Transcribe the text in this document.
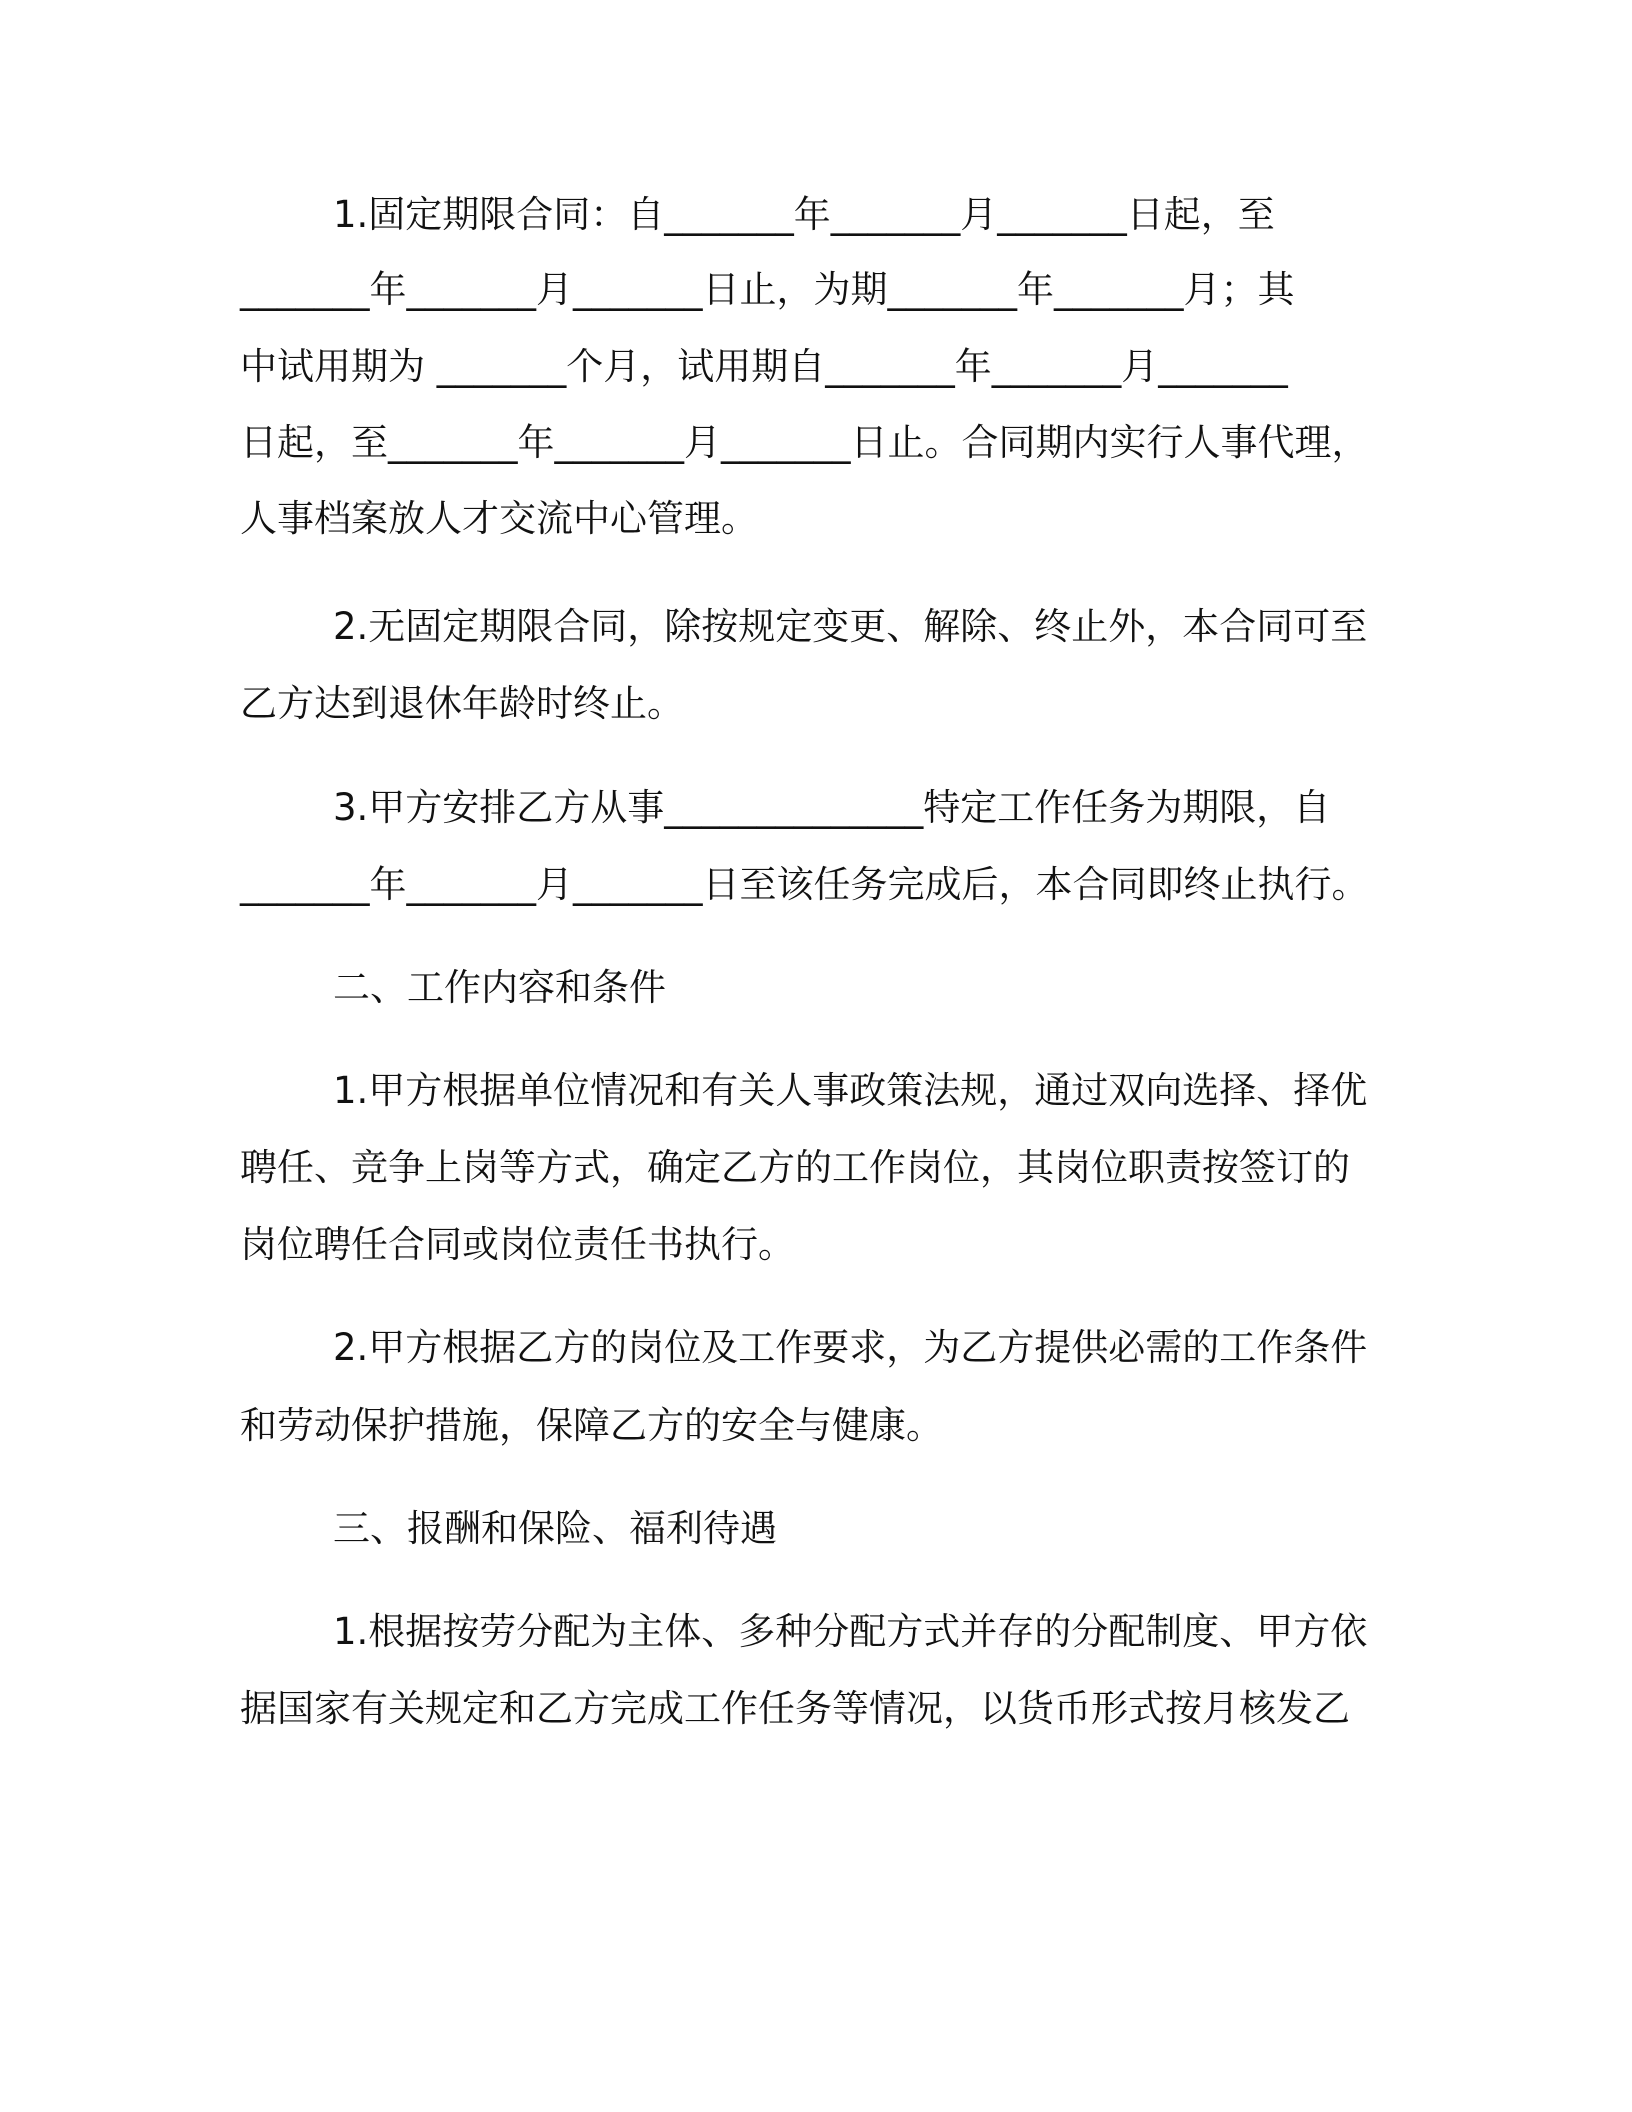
1.固定期限合同：自_______年_______月_______日起，至
_______年_______月_______日止，为期_______年_______月；其
中试用期为 _______个月，试用期自_______年_______月_______
日起，至_______年_______月_______日止。合同期内实行人事代理，
人事档案放人才交流中心管理。
2.无固定期限合同，除按规定变更、解除、终止外，本合同可至
乙方达到退休年龄时终止。
3.甲方安排乙方从事______________特定工作任务为期限，自
_______年_______月_______日至该任务完成后，本合同即终止执行。
二、工作内容和条件
1.甲方根据单位情况和有关人事政策法规，通过双向选择、择优
聘任、竞争上岗等方式，确定乙方的工作岗位，其岗位职责按签订的
岗位聘任合同或岗位责任书执行。
2.甲方根据乙方的岗位及工作要求，为乙方提供必需的工作条件
和劳动保护措施，保障乙方的安全与健康。
三、报酬和保险、福利待遇
1.根据按劳分配为主体、多种分配方式并存的分配制度、甲方依
据国家有关规定和乙方完成工作任务等情况，以货币形式按月核发乙
